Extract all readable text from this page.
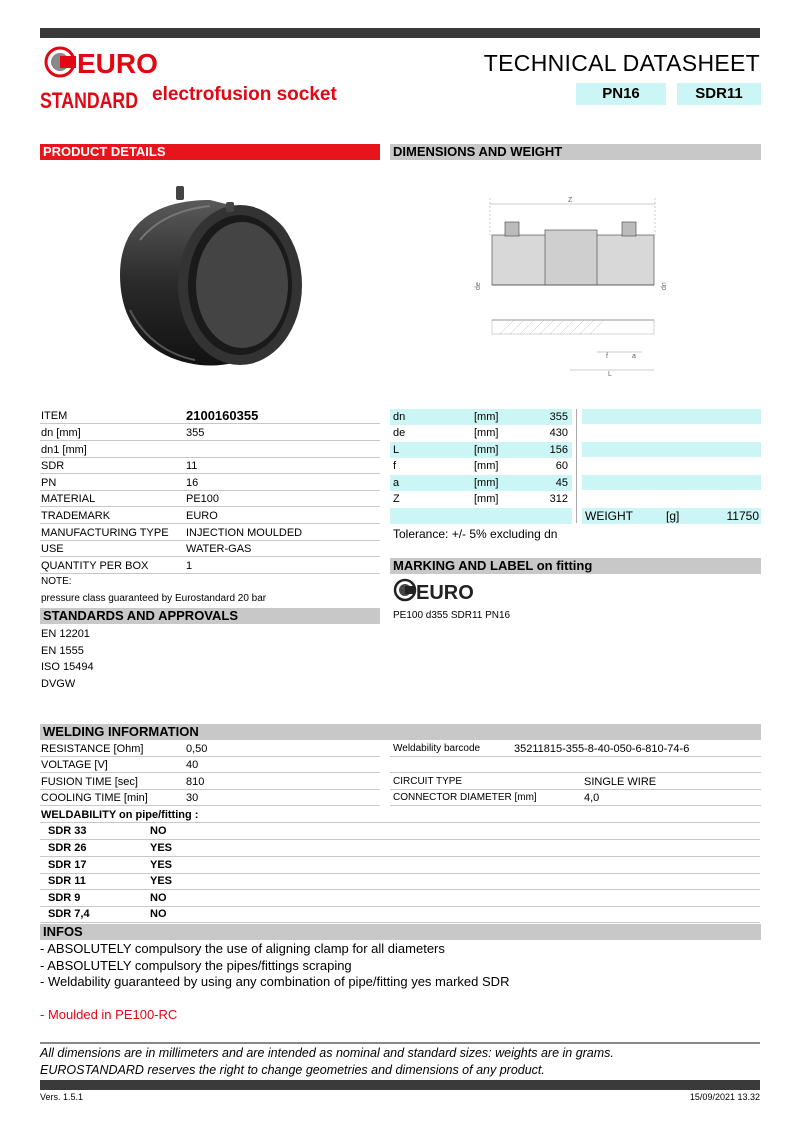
EURO
STANDARD electrofusion socket
TECHNICAL DATASHEET
PN16	SDR11
PRODUCT DETAILS	DIMENSIONS AND WEIGHT
Z
de	dn
f	a
L
ITEM	2100160355
dn [mm]	355
dn1 [mm]
SDR	11
PN	16
MATERIAL	PE100
TRADEMARK	EURO
MANUFACTURING TYPE INJECTION MOULDED
USE	WATER-GAS
QUANTITY PER BOX	1
NOTE:
pressure class guaranteed by Eurostandard 20 bar
STANDARDS AND APPROVALS
EN 12201
EN 1555
ISO 15494
DVGW
dn	[mm]	355
de	[mm]	430
L	[mm]	156
f	[mm]	60
a	[mm]	45
Z	[mm]	312
WEIGHT	[g]	11750
Tolerance: +/- 5% excluding dn
MARKING AND LABEL on fitting
EURO
PE100 d355 SDR11 PN16
WELDING INFORMATION
RESISTANCE [Ohm]	0,50
VOLTAGE [V]	40
FUSION TIME [sec]	810
COOLING TIME [min]	30
Weldability barcode	35211815-355-8-40-050-6-810-74-6
CIRCUIT TYPE	SINGLE WIRE
CONNECTOR DIAMETER [mm]	4,0
WELDABILITY on pipe/fitting :
SDR 33	NO
SDR 26	YES
SDR 17	YES
SDR 11	YES
SDR 9	NO
SDR 7,4	NO
INFOS
- ABSOLUTELY compulsory the use of aligning clamp for all diameters
- ABSOLUTELY compulsory the pipes/fittings scraping
- Weldability guaranteed by using any combination of pipe/fitting yes marked SDR
- Moulded in PE100-RC
All dimensions are in millimeters and are intended as nominal and standard sizes: weights are in grams.
EUROSTANDARD reserves the right to change geometries and dimensions of any product.
Vers. 1.5.1	15/09/2021 13.32
